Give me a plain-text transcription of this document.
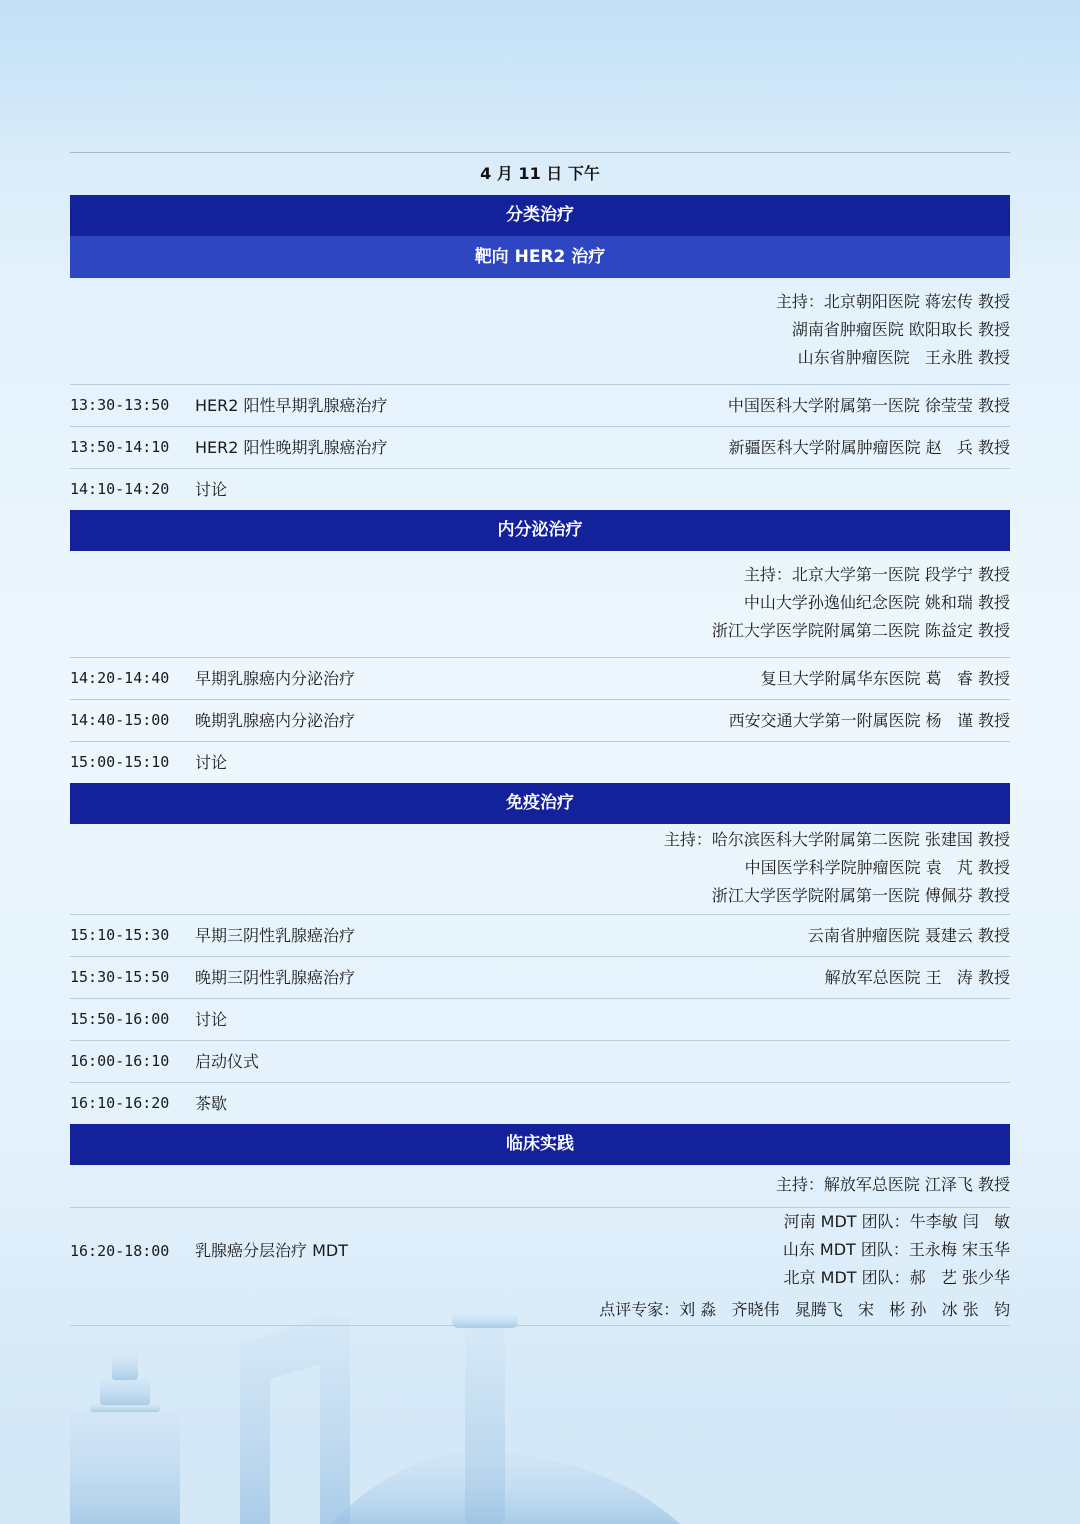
4 月 11 日 下午
分类治疗
靶向 HER2 治疗
主持：北京朝阳医院 蒋宏传 教授
湖南省肿瘤医院 欧阳取长 教授
山东省肿瘤医院   王永胜 教授
13:30-13:50	HER2 阳性早期乳腺癌治疗	中国医科大学附属第一医院 徐莹莹 教授
13:50-14:10	HER2 阳性晚期乳腺癌治疗	新疆医科大学附属肿瘤医院 赵   兵 教授
14:10-14:20	讨论
内分泌治疗
主持：北京大学第一医院 段学宁 教授
中山大学孙逸仙纪念医院 姚和瑞 教授
浙江大学医学院附属第二医院 陈益定 教授
14:20-14:40	早期乳腺癌内分泌治疗	复旦大学附属华东医院 葛   睿 教授
14:40-15:00	晚期乳腺癌内分泌治疗	西安交通大学第一附属医院 杨   谨 教授
15:00-15:10	讨论
免疫治疗
主持：哈尔滨医科大学附属第二医院 张建国 教授
中国医学科学院肿瘤医院 袁   芃 教授
浙江大学医学院附属第一医院 傅佩芬 教授
15:10-15:30	早期三阴性乳腺癌治疗	云南省肿瘤医院 聂建云 教授
15:30-15:50	晚期三阴性乳腺癌治疗	解放军总医院 王   涛 教授
15:50-16:00	讨论
16:00-16:10	启动仪式
16:10-16:20	茶歇
临床实践
主持：解放军总医院 江泽飞 教授
16:20-18:00	乳腺癌分层治疗 MDT
河南 MDT 团队：牛李敏 闫   敏
山东 MDT 团队：王永梅 宋玉华
北京 MDT 团队：郝   艺 张少华
点评专家：刘 淼   齐晓伟   晁腾飞   宋   彬 孙   冰 张   钧
